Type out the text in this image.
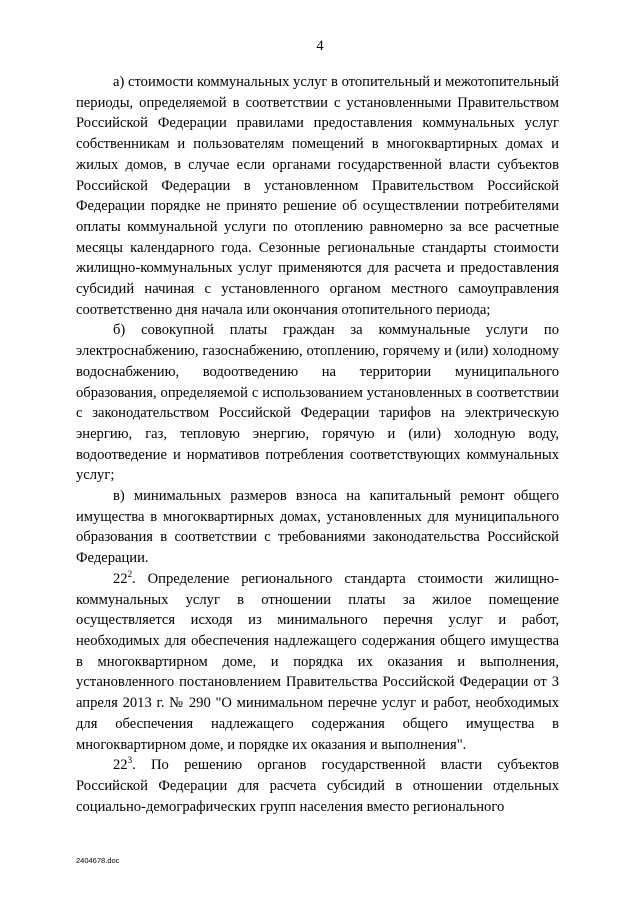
4

а) стоимости коммунальных услуг в отопительный и межотопительный периоды, определяемой в соответствии с установленными Правительством Российской Федерации правилами предоставления коммунальных услуг собственникам и пользователям помещений в многоквартирных домах и жилых домов, в случае если органами государственной власти субъектов Российской Федерации в установленном Правительством Российской Федерации порядке не принято решение об осуществлении потребителями оплаты коммунальной услуги по отоплению равномерно за все расчетные месяцы календарного года. Сезонные региональные стандарты стоимости жилищно-коммунальных услуг применяются для расчета и предоставления субсидий начиная с установленного органом местного самоуправления соответственно дня начала или окончания отопительного периода;

б) совокупной платы граждан за коммунальные услуги по электроснабжению, газоснабжению, отоплению, горячему и (или) холодному водоснабжению, водоотведению на территории муниципального образования, определяемой с использованием установленных в соответствии с законодательством Российской Федерации тарифов на электрическую энергию, газ, тепловую энергию, горячую и (или) холодную воду, водоотведение и нормативов потребления соответствующих коммунальных услуг;

в) минимальных размеров взноса на капитальный ремонт общего имущества в многоквартирных домах, установленных для муниципального образования в соответствии с требованиями законодательства Российской Федерации.

$22^2$. Определение регионального стандарта стоимости жилищно-коммунальных услуг в отношении платы за жилое помещение осуществляется исходя из минимального перечня услуг и работ, необходимых для обеспечения надлежащего содержания общего имущества в многоквартирном доме, и порядка их оказания и выполнения, установленного постановлением Правительства Российской Федерации от 3 апреля 2013 г. № 290 "О минимальном перечне услуг и работ, необходимых для обеспечения надлежащего содержания общего имущества в многоквартирном доме, и порядке их оказания и выполнения".

$22^3$. По решению органов государственной власти субъектов Российской Федерации для расчета субсидий в отношении отдельных социально-демографических групп населения вместо регионального

2404678.doc
